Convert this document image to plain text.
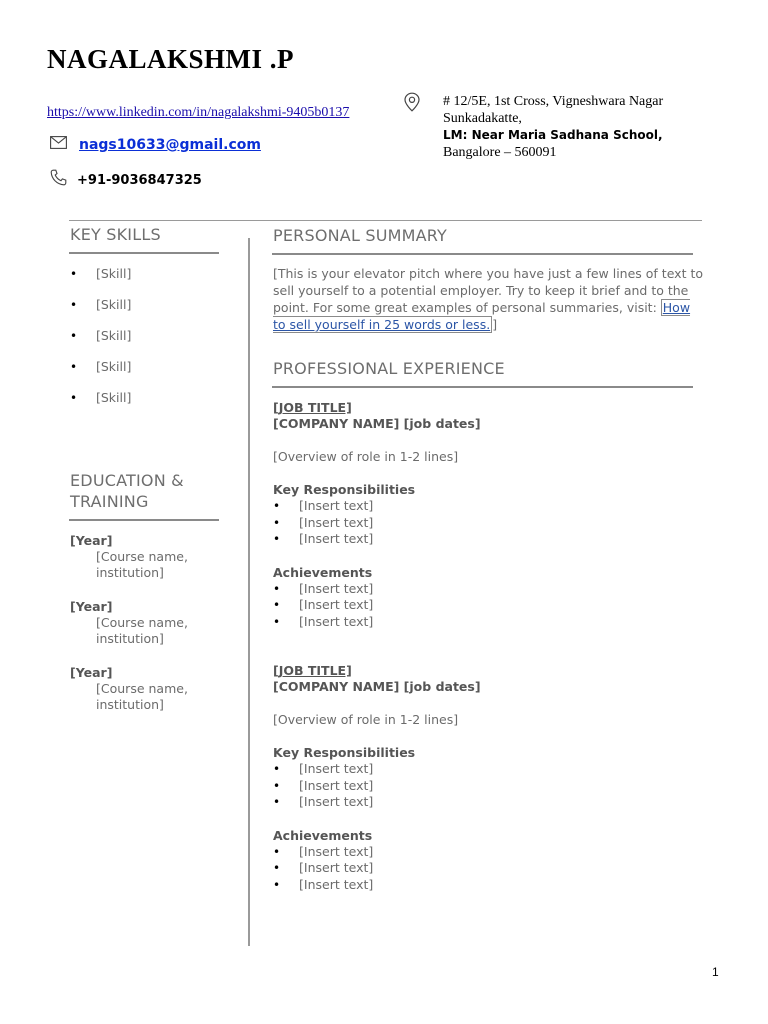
NAGALAKSHMI .P
https://www.linkedin.com/in/nagalakshmi-9405b0137
nags10633@gmail.com
+91-9036847325
# 12/5E, 1st Cross, Vigneshwara Nagar
Sunkadakatte,
LM: Near Maria Sadhana School,
Bangalore – 560091
KEY SKILLS
• [Skill]
• [Skill]
• [Skill]
• [Skill]
• [Skill]
EDUCATION &
TRAINING
[Year]
[Course name,
institution]
[Year]
[Course name,
institution]
[Year]
[Course name,
institution]
PERSONAL SUMMARY
[This is your elevator pitch where you have just a few lines of text to sell yourself to a potential employer. Try to keep it brief and to the point. For some great examples of personal summaries, visit: How to sell yourself in 25 words or less. ]
PROFESSIONAL EXPERIENCE
[JOB TITLE]
[COMPANY NAME] [job dates]
[Overview of role in 1-2 lines]
Key Responsibilities
• [Insert text]
• [Insert text]
• [Insert text]
Achievements
• [Insert text]
• [Insert text]
• [Insert text]
[JOB TITLE]
[COMPANY NAME] [job dates]
[Overview of role in 1-2 lines]
Key Responsibilities
• [Insert text]
• [Insert text]
• [Insert text]
Achievements
• [Insert text]
• [Insert text]
• [Insert text]
1
